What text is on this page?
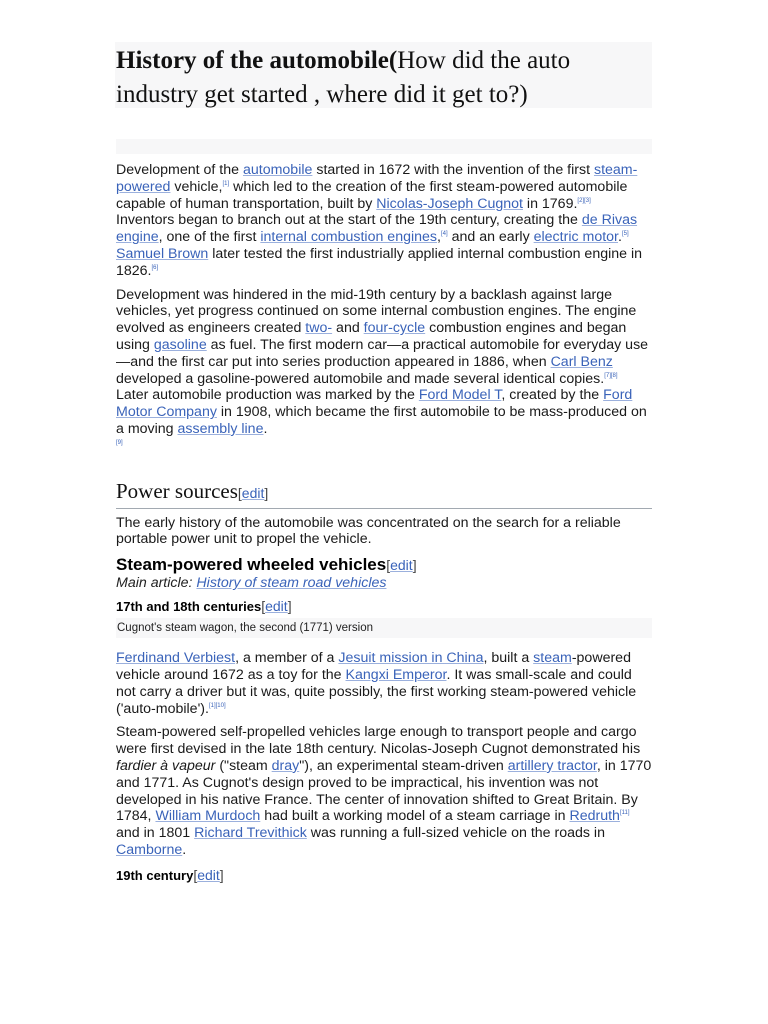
History of the automobile(How did the auto industry get started , where did it get to?)

Development of the automobile started in 1672 with the invention of the first steam-powered vehicle,[1] which led to the creation of the first steam-powered automobile capable of human transportation, built by Nicolas-Joseph Cugnot in 1769.[2][3] Inventors began to branch out at the start of the 19th century, creating the de Rivas engine, one of the first internal combustion engines,[4] and an early electric motor.[5] Samuel Brown later tested the first industrially applied internal combustion engine in 1826.[6]

Development was hindered in the mid-19th century by a backlash against large vehicles, yet progress continued on some internal combustion engines. The engine evolved as engineers created two- and four-cycle combustion engines and began using gasoline as fuel. The first modern car—a practical automobile for everyday use—and the first car put into series production appeared in 1886, when Carl Benz developed a gasoline-powered automobile and made several identical copies.[7][8] Later automobile production was marked by the Ford Model T, created by the Ford Motor Company in 1908, which became the first automobile to be mass-produced on a moving assembly line.
[9]

Power sources[edit]

The early history of the automobile was concentrated on the search for a reliable portable power unit to propel the vehicle.

Steam-powered wheeled vehicles[edit]
Main article: History of steam road vehicles
17th and 18th centuries[edit]
Cugnot's steam wagon, the second (1771) version

Ferdinand Verbiest, a member of a Jesuit mission in China, built a steam-powered vehicle around 1672 as a toy for the Kangxi Emperor. It was small-scale and could not carry a driver but it was, quite possibly, the first working steam-powered vehicle ('auto-mobile').[1][10]

Steam-powered self-propelled vehicles large enough to transport people and cargo were first devised in the late 18th century. Nicolas-Joseph Cugnot demonstrated his fardier à vapeur ("steam dray"), an experimental steam-driven artillery tractor, in 1770 and 1771. As Cugnot's design proved to be impractical, his invention was not developed in his native France. The center of innovation shifted to Great Britain. By 1784, William Murdoch had built a working model of a steam carriage in Redruth[11] and in 1801 Richard Trevithick was running a full-sized vehicle on the roads in Camborne.

19th century[edit]
